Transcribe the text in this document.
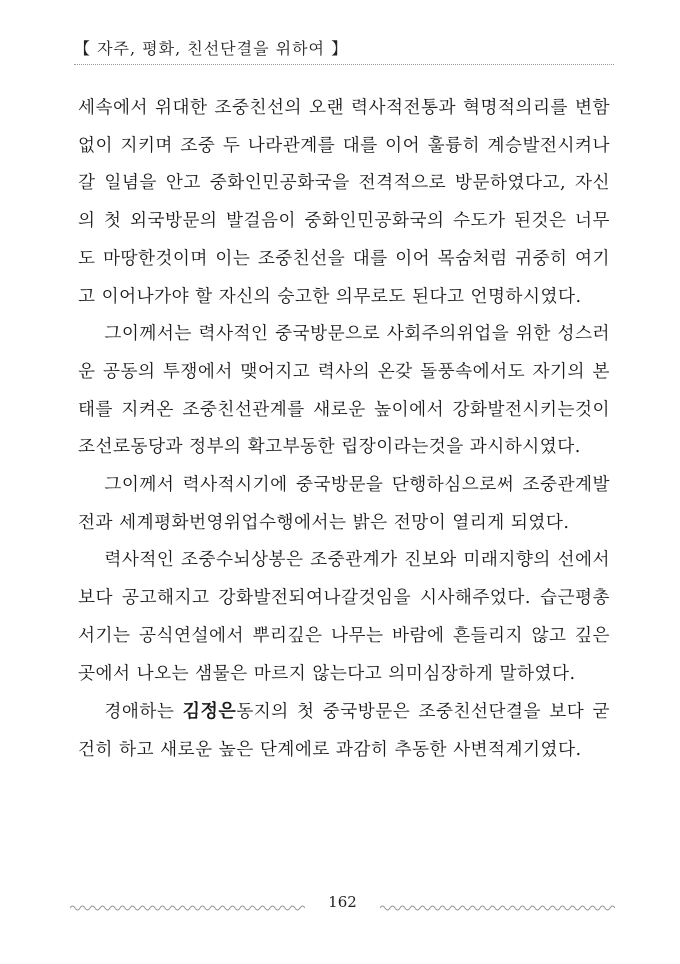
【 자주, 평화, 친선단결을 위하여 】

세속에서 위대한 조중친선의 오랜 력사적전통과 혁명적의리를 변함없이 지키며 조중 두 나라관계를 대를 이어 훌륭히 계승발전시켜나갈 일념을 안고 중화인민공화국을 전격적으로 방문하였다고, 자신의 첫 외국방문의 발걸음이 중화인민공화국의 수도가 된것은 너무도 마땅한것이며 이는 조중친선을 대를 이어 목숨처럼 귀중히 여기고 이어나가야 할 자신의 숭고한 의무로도 된다고 언명하시였다.

그이께서는 력사적인 중국방문으로 사회주의위업을 위한 성스러운 공동의 투쟁에서 맺어지고 력사의 온갖 돌풍속에서도 자기의 본태를 지켜온 조중친선관계를 새로운 높이에서 강화발전시키는것이 조선로동당과 정부의 확고부동한 립장이라는것을 과시하시였다.

그이께서 력사적시기에 중국방문을 단행하심으로써 조중관계발전과 세계평화번영위업수행에서는 밝은 전망이 열리게 되였다.

력사적인 조중수뇌상봉은 조중관계가 진보와 미래지향의 선에서 보다 공고해지고 강화발전되여나갈것임을 시사해주었다. 습근평총서기는 공식연설에서 뿌리깊은 나무는 바람에 흔들리지 않고 깊은 곳에서 나오는 샘물은 마르지 않는다고 의미심장하게 말하였다.

경애하는 김정은동지의 첫 중국방문은 조중친선단결을 보다 굳건히 하고 새로운 높은 단계에로 과감히 추동한 사변적계기였다.

162
